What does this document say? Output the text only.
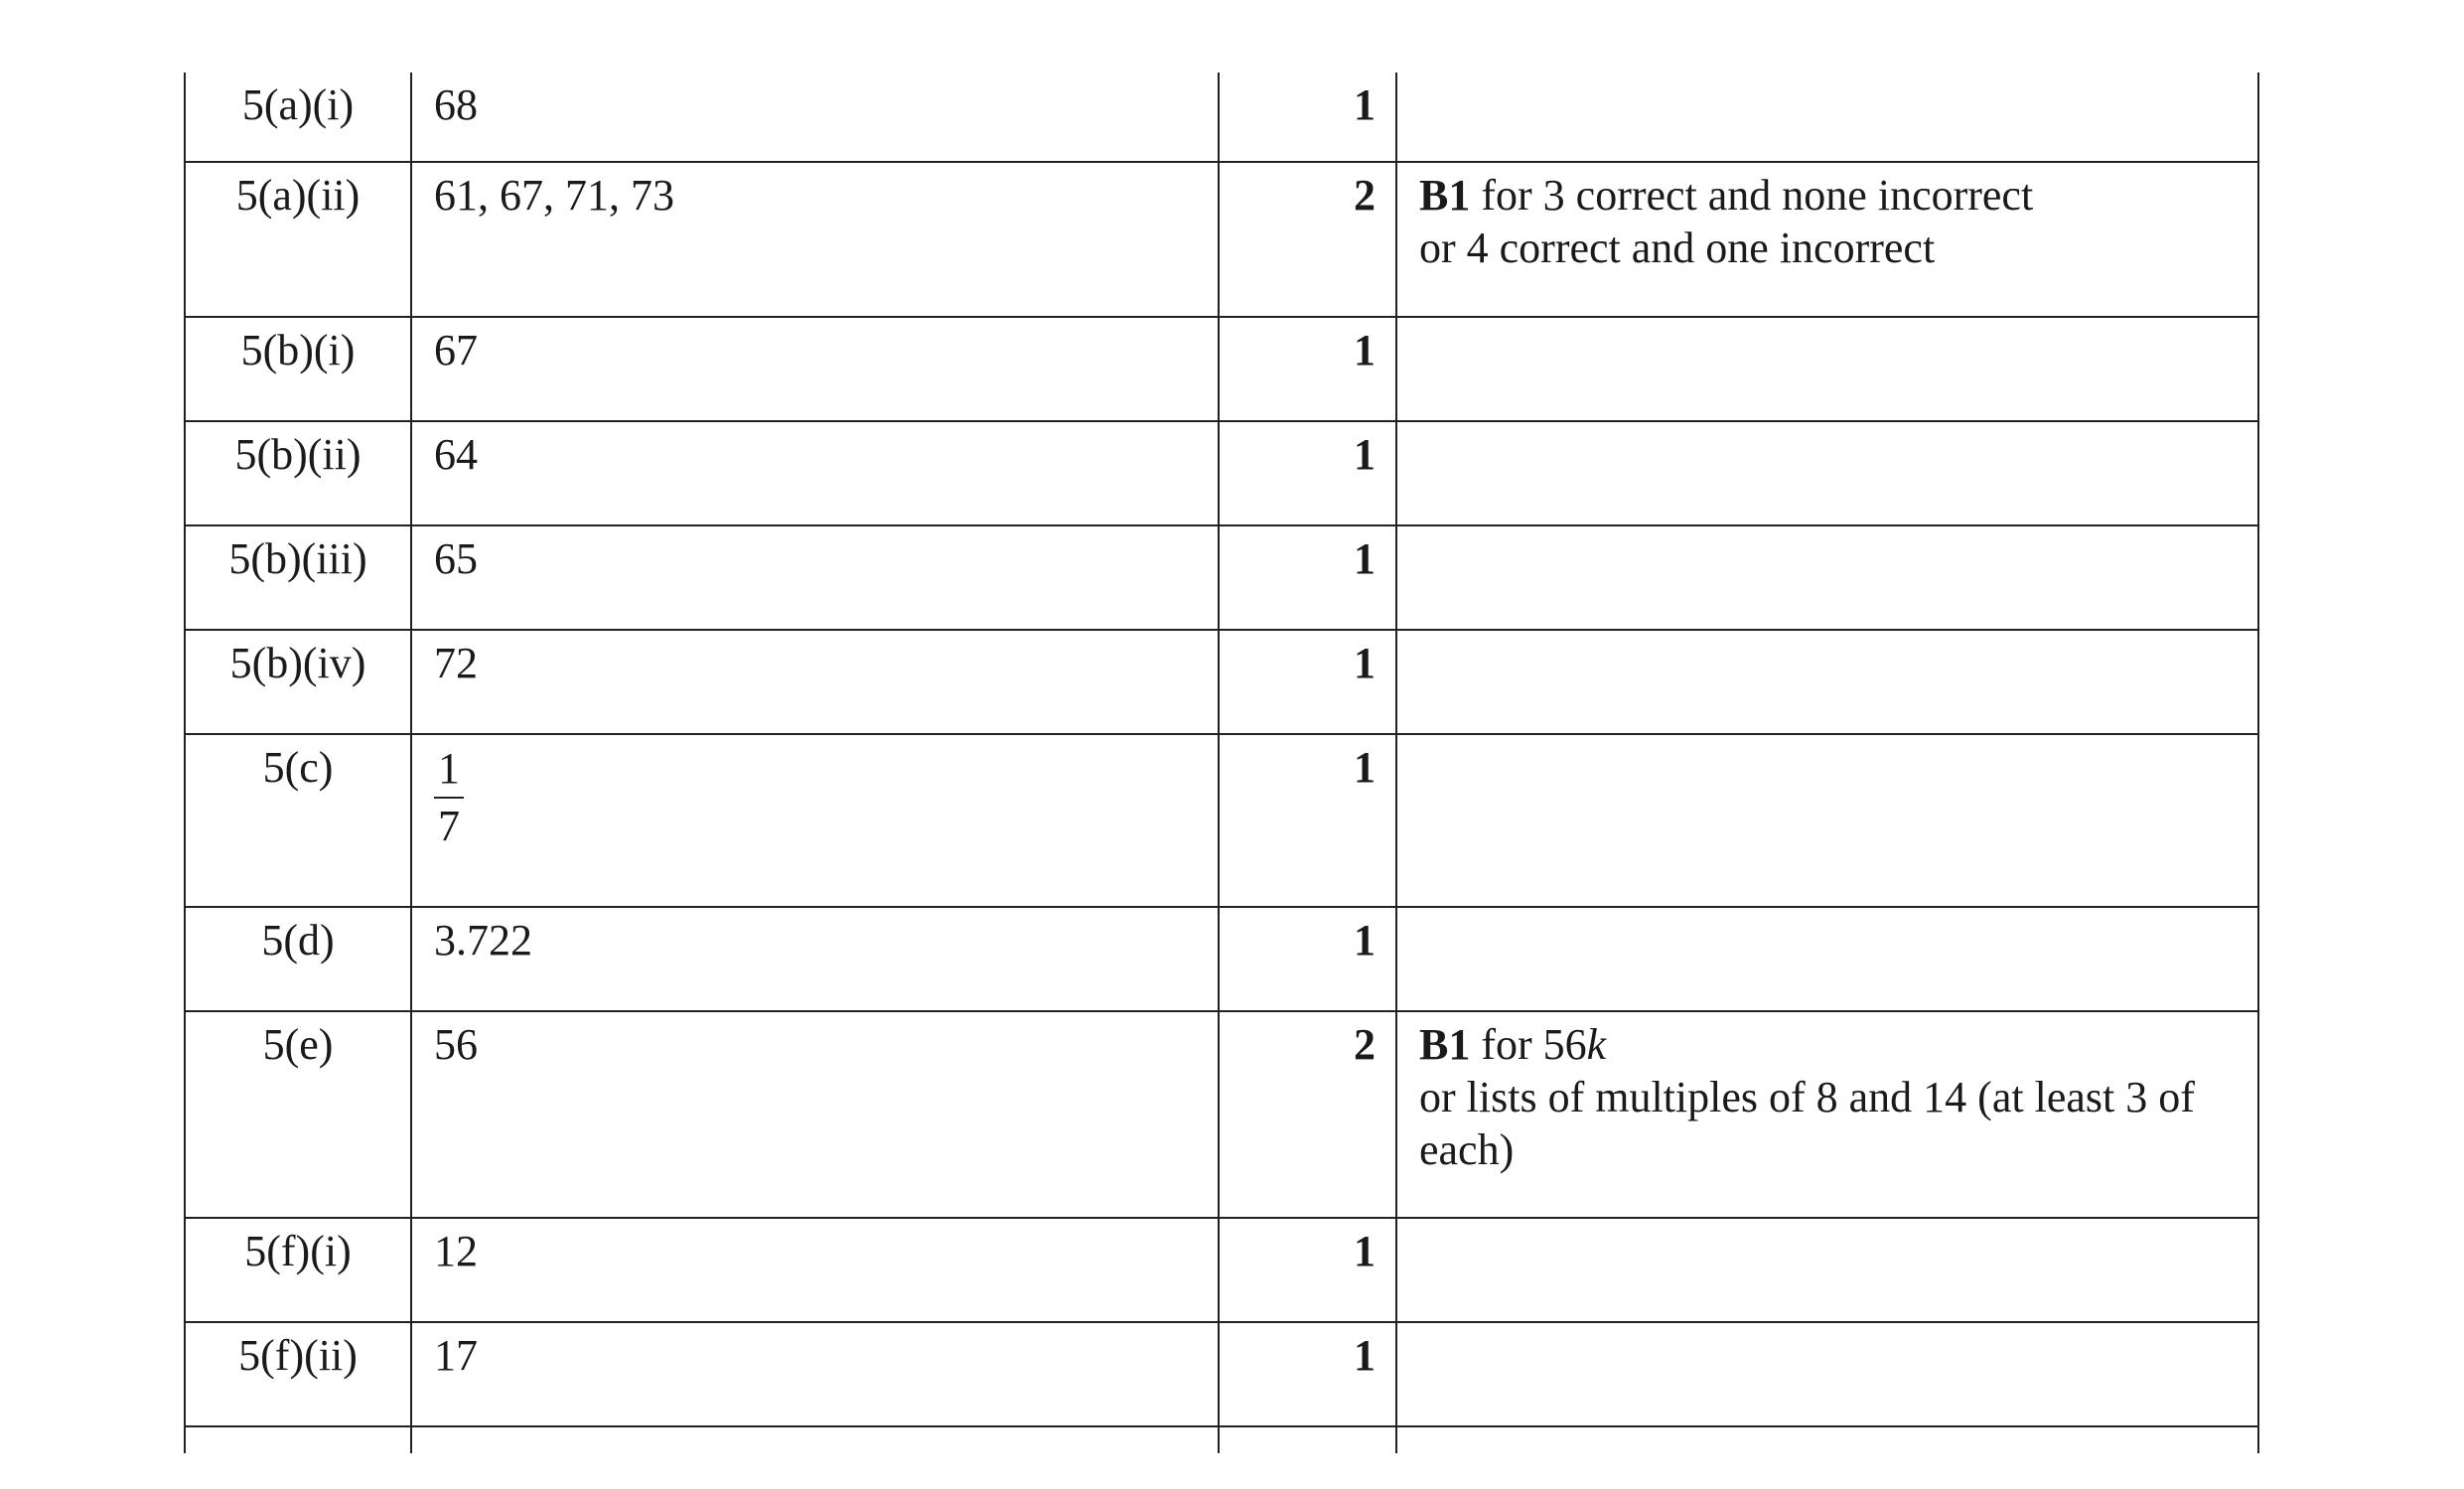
5(a)(i)	68	1	
5(a)(ii)	61, 67, 71, 73	2	B1 for 3 correct and none incorrect
or 4 correct and one incorrect
5(b)(i)	67	1	
5(b)(ii)	64	1	
5(b)(iii)	65	1	
5(b)(iv)	72	1	
5(c)	$\frac{1}{7}$	1	
5(d)	3.722	1	
5(e)	56	2	B1 for 56k
or lists of multiples of 8 and 14 (at least 3 of each)
5(f)(i)	12	1	
5(f)(ii)	17	1	
